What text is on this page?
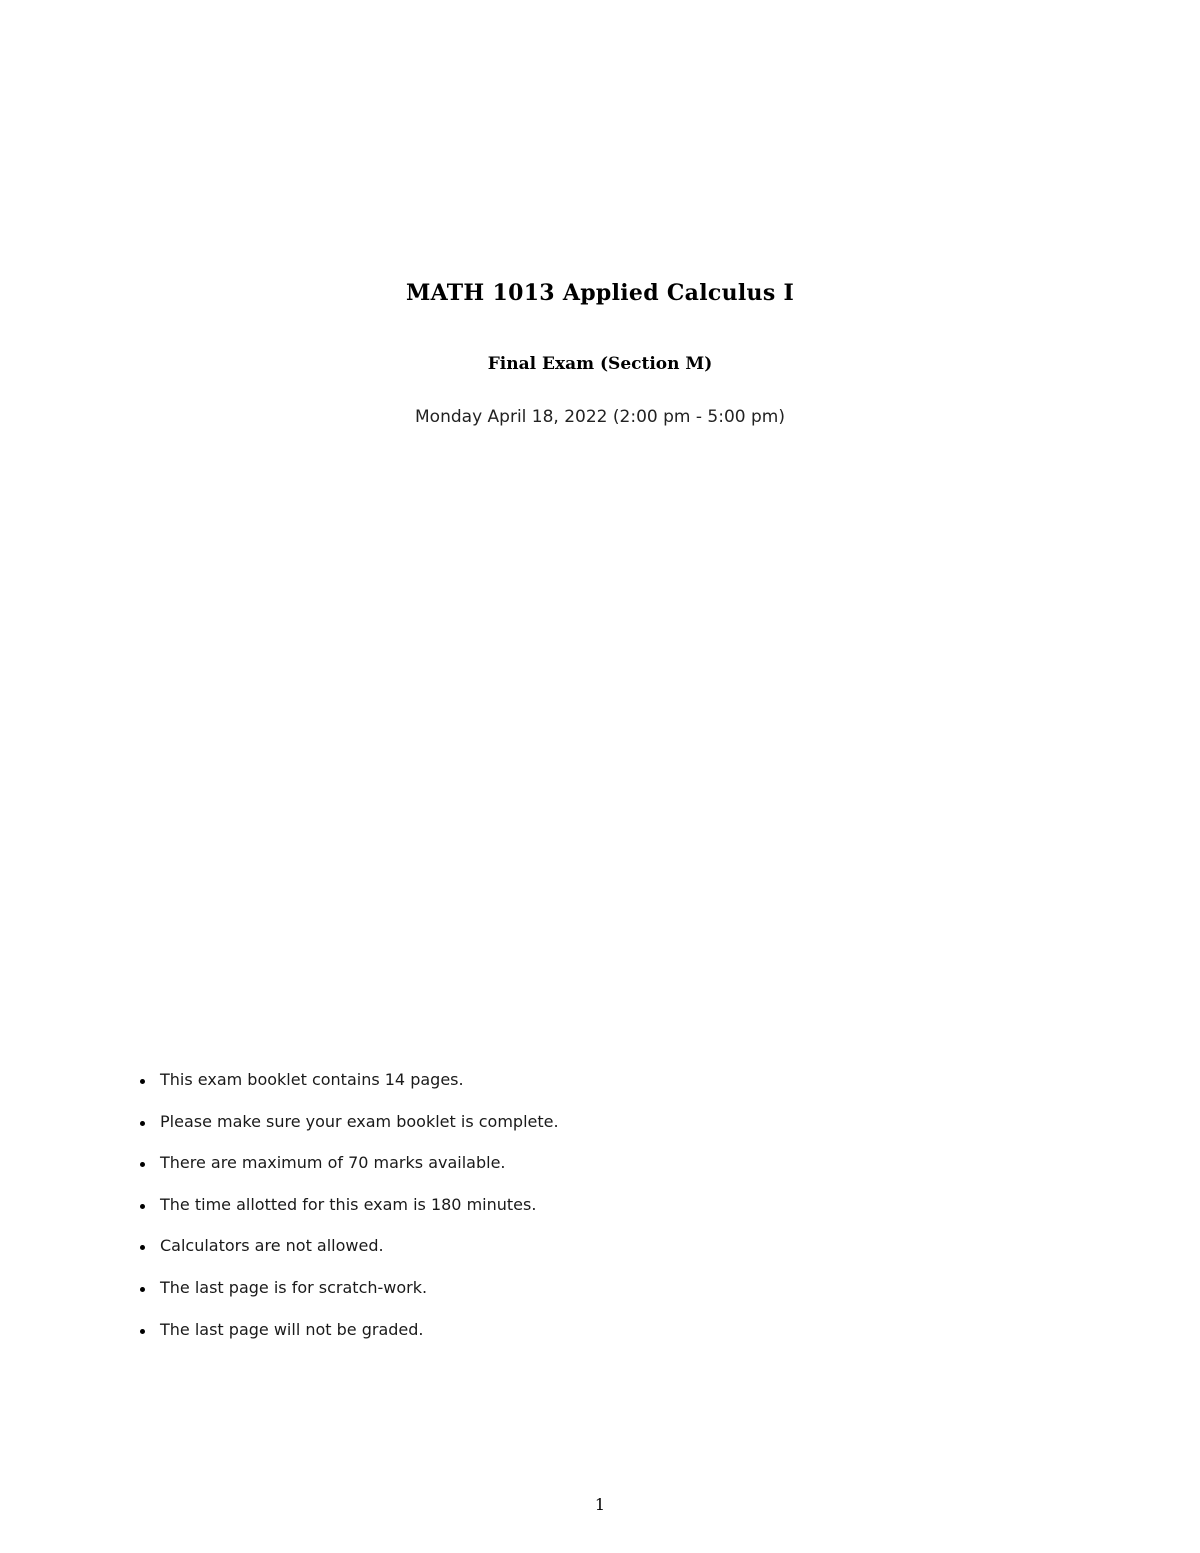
MATH 1013 Applied Calculus I
Final Exam (Section M)
Monday April 18, 2022 (2:00 pm - 5:00 pm)
This exam booklet contains 14 pages.
Please make sure your exam booklet is complete.
There are maximum of 70 marks available.
The time allotted for this exam is 180 minutes.
Calculators are not allowed.
The last page is for scratch-work.
The last page will not be graded.
1
